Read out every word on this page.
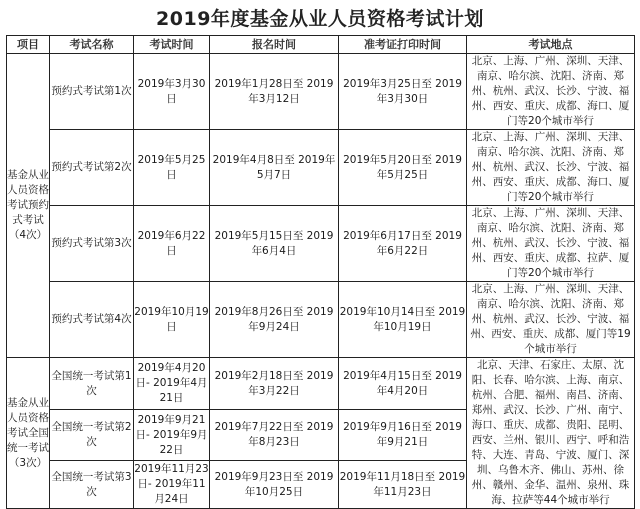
2019年度基金从业人员资格考试计划
项目	考试名称	考试时间	报名时间	准考证打印时间	考试地点
基金从业人员资格考试预约式考试（4次）	预约式考试第1次	2019年3月30日	2019年1月28日至 2019年3月12日	2019年3月25日至 2019年3月30日	北京、上海、广州、深圳、天津、南京、哈尔滨、沈阳、济南、郑州、杭州、武汉、长沙、宁波、福州、西安、重庆、成都、海口、厦门等20个城市举行
	预约式考试第2次	2019年5月25日	2019年4月8日至 2019年5月7日	2019年5月20日至 2019年5月25日	北京、上海、广州、深圳、天津、南京、哈尔滨、沈阳、济南、郑州、杭州、武汉、长沙、宁波、福州、西安、重庆、成都、海口、厦门等20个城市举行
	预约式考试第3次	2019年6月22日	2019年5月15日至 2019年6月4日	2019年6月17日至 2019年6月22日	北京、上海、广州、深圳、天津、南京、哈尔滨、沈阳、济南、郑州、杭州、武汉、长沙、宁波、福州、西安、重庆、成都、拉萨、厦门等20个城市举行
	预约式考试第4次	2019年10月19日	2019年8月26日至 2019年9月24日	2019年10月14日至 2019年10月19日	北京、上海、广州、深圳、天津、南京、哈尔滨、沈阳、济南、郑州、杭州、武汉、长沙、宁波、福州、西安、重庆、成都、厦门等19个城市举行
基金从业人员资格考试全国统一考试（3次）	全国统一考试第1次	2019年4月20日- 2019年4月21日	2019年2月18日至 2019年3月22日	2019年4月15日至 2019年4月20日	北京、天津、石家庄、太原、沈阳、长春、哈尔滨、上海、南京、杭州、合肥、福州、南昌、济南、郑州、武汉、长沙、广州、南宁、海口、重庆、成都、贵阳、昆明、西安、兰州、银川、西宁、呼和浩特、大连、青岛、宁波、厦门、深圳、乌鲁木齐、佛山、苏州、徐州、赣州、金华、温州、泉州、珠海、拉萨等44个城市举行
	全国统一考试第2次	2019年9月21日- 2019年9月22日	2019年7月22日至 2019年8月23日	2019年9月16日至 2019年9月21日	
	全国统一考试第3次	2019年11月23日- 2019年11月24日	2019年9月23日至 2019年10月25日	2019年11月18日至 2019年11月23日	
